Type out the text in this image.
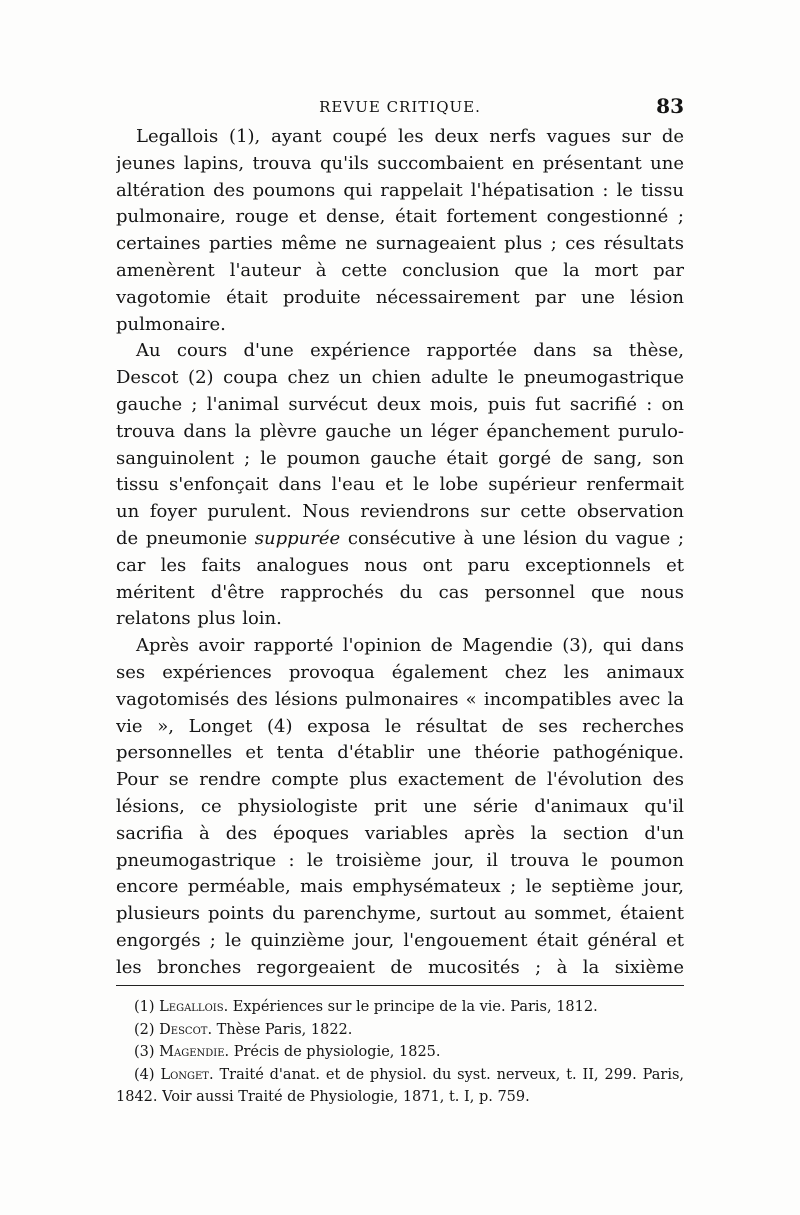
REVUE CRITIQUE.	83

Legallois (1), ayant coupé les deux nerfs vagues sur de jeunes lapins, trouva qu'ils succombaient en présentant une altération des poumons qui rappelait l'hépatisation : le tissu pulmonaire, rouge et dense, était fortement congestionné ; certaines parties même ne surnageaient plus ; ces résultats amenèrent l'auteur à cette conclusion que la mort par vagotomie était produite nécessairement par une lésion pulmonaire.

Au cours d'une expérience rapportée dans sa thèse, Descot (2) coupa chez un chien adulte le pneumogastrique gauche ; l'animal survécut deux mois, puis fut sacrifié : on trouva dans la plèvre gauche un léger épanchement purulo-sanguinolent ; le poumon gauche était gorgé de sang, son tissu s'enfonçait dans l'eau et le lobe supérieur renfermait un foyer purulent. Nous reviendrons sur cette observation de pneumonie suppurée consécutive à une lésion du vague ; car les faits analogues nous ont paru exceptionnels et méritent d'être rapprochés du cas personnel que nous relatons plus loin.

Après avoir rapporté l'opinion de Magendie (3), qui dans ses expériences provoqua également chez les animaux vagotomisés des lésions pulmonaires « incompatibles avec la vie », Longet (4) exposa le résultat de ses recherches personnelles et tenta d'établir une théorie pathogénique. Pour se rendre compte plus exactement de l'évolution des lésions, ce physiologiste prit une série d'animaux qu'il sacrifia à des époques variables après la section d'un pneumogastrique : le troisième jour, il trouva le poumon encore perméable, mais emphysémateux ; le septième jour, plusieurs points du parenchyme, surtout au sommet, étaient engorgés ; le quinzième jour, l'engouement était général et les bronches regorgeaient de mucosités ; à la sixième

(1) Legallois. Expériences sur le principe de la vie. Paris, 1812.

(2) Descot. Thèse Paris, 1822.

(3) Magendie. Précis de physiologie, 1825.

(4) Longet. Traité d'anat. et de physiol. du syst. nerveux, t. II, 299. Paris, 1842. Voir aussi Traité de Physiologie, 1871, t. I, p. 759.
